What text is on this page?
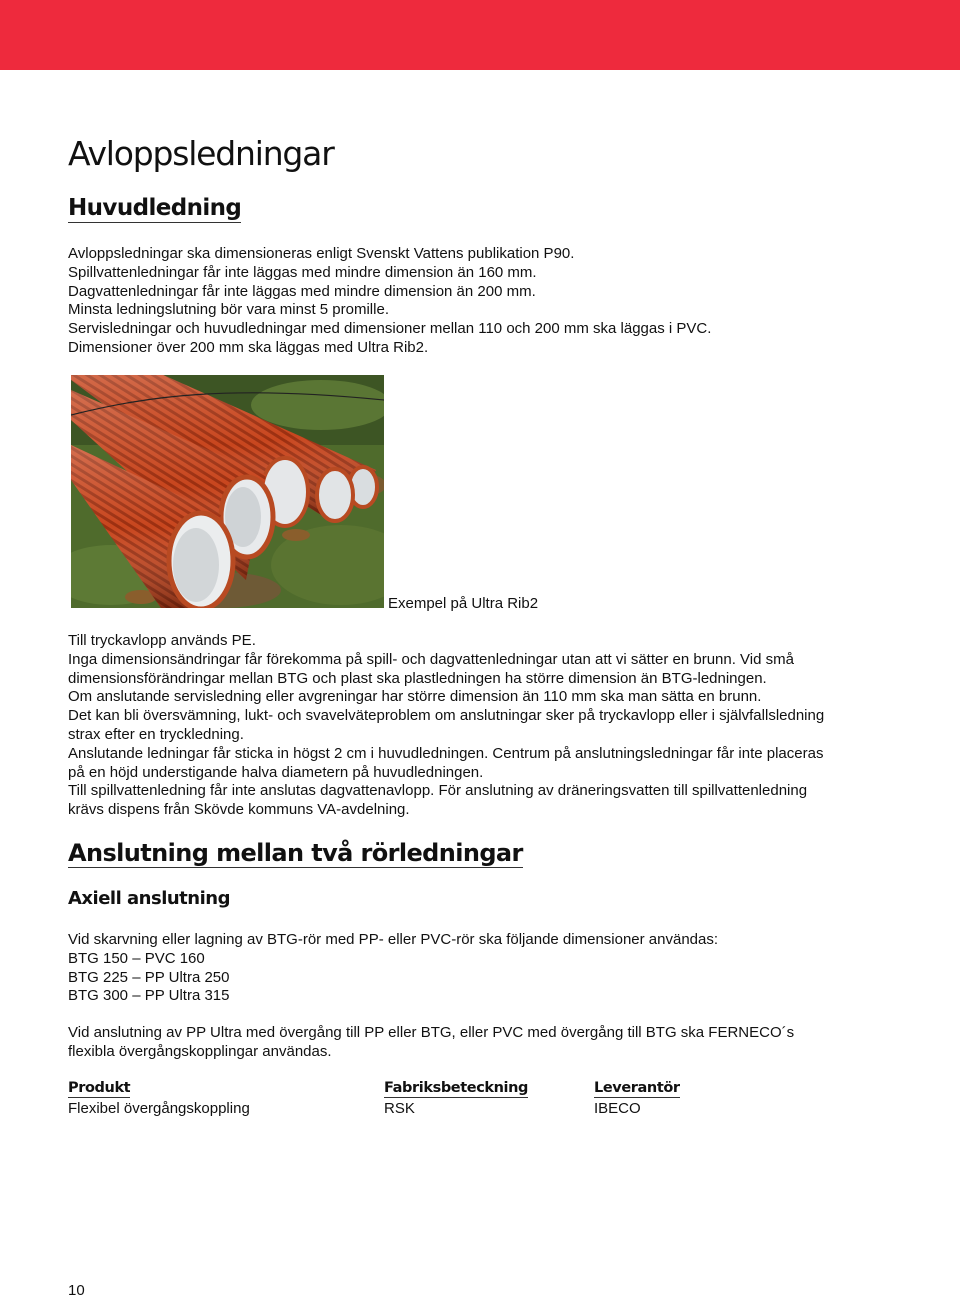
Avloppsledningar
Huvudledning
Avloppsledningar ska dimensioneras enligt Svenskt Vattens publikation P90.
Spillvattenledningar får inte läggas med mindre dimension än 160 mm.
Dagvattenledningar får inte läggas med mindre dimension än 200 mm.
Minsta ledningslutning bör vara minst 5 promille.
Servisledningar och huvudledningar med dimensioner mellan 110 och 200 mm ska läggas i PVC.
Dimensioner över 200 mm ska läggas med Ultra Rib2.
Exempel på Ultra Rib2
Till tryckavlopp används PE.
Inga dimensionsändringar får förekomma på spill- och dagvattenledningar utan att vi sätter en brunn. Vid små
dimensionsförändringar mellan BTG och plast ska plastledningen ha större dimension än BTG-ledningen.
Om anslutande servisledning eller avgreningar har större dimension än 110 mm ska man sätta en brunn.
Det kan bli översvämning, lukt- och svavelväteproblem om anslutningar sker på tryckavlopp eller i självfallsledning
strax efter en tryckledning.
Anslutande ledningar får sticka in högst 2 cm i huvudledningen. Centrum på anslutningsledningar får inte placeras
på en höjd understigande halva diametern på huvudledningen.
Till spillvattenledning får inte anslutas dagvattenavlopp. För anslutning av dräneringsvatten till spillvattenledning
krävs dispens från Skövde kommuns VA-avdelning.
Anslutning mellan två rörledningar
Axiell anslutning
Vid skarvning eller lagning av BTG-rör med PP- eller PVC-rör ska följande dimensioner användas:
BTG 150 – PVC 160
BTG 225 – PP Ultra 250
BTG 300 – PP Ultra 315
Vid anslutning av PP Ultra med övergång till PP eller BTG, eller PVC med övergång till BTG ska FERNECO´s
flexibla övergångskopplingar användas.
Produkt	Fabriksbeteckning	Leverantör
Flexibel övergångskoppling	RSK	IBECO
10
